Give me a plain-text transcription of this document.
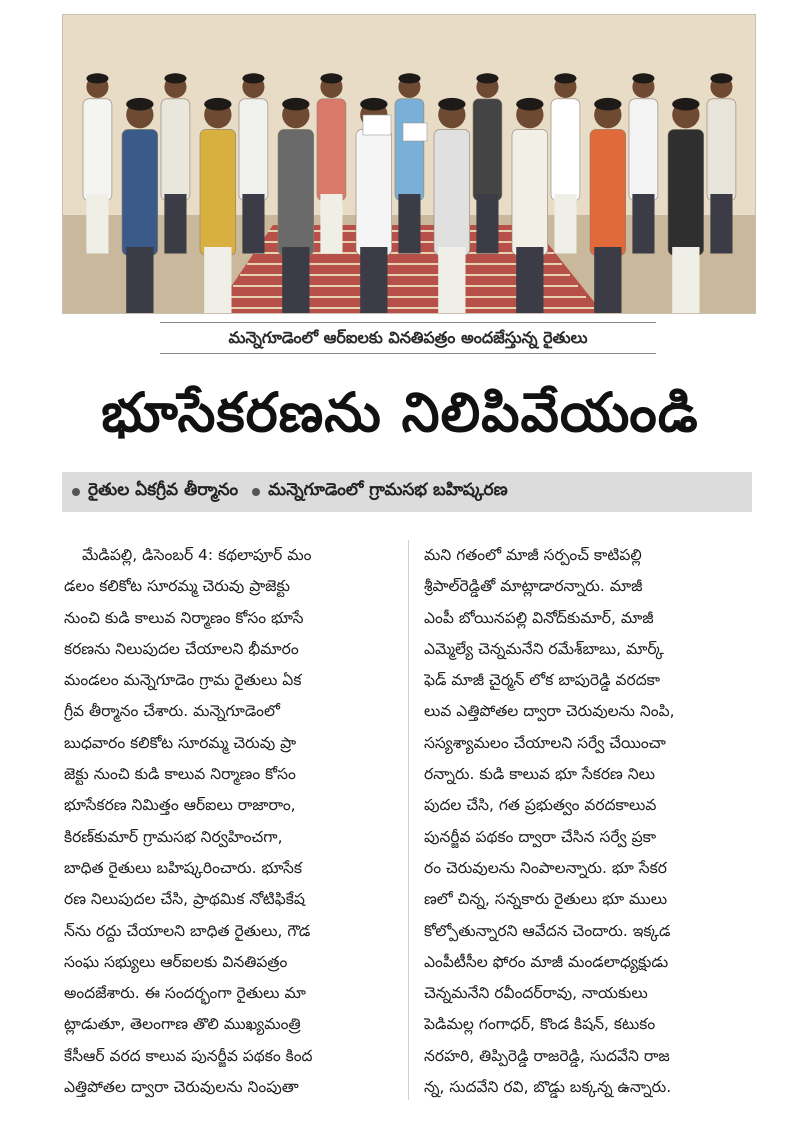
మన్నెగూడెంలో ఆర్ఐలకు వినతిపత్రం అందజేస్తున్న రైతులు
భూసేకరణను నిలిపివేయండి
రైతుల ఏకగ్రీవ తీర్మానం మన్నెగూడెంలో గ్రామసభ బహిష్కరణ
మేడిపల్లి, డిసెంబర్ 4: కథలాపూర్ మం
డలం కలికోట సూరమ్మ చెరువు ప్రాజెక్టు
నుంచి కుడి కాలువ నిర్మాణం కోసం భూసే
కరణను నిలుపుదల చేయాలని భీమారం
మండలం మన్నెగూడెం గ్రామ రైతులు ఏక
గ్రీవ తీర్మానం చేశారు. మన్నెగూడెంలో
బుధవారం కలికోట సూరమ్మ చెరువు ప్రా
జెక్టు నుంచి కుడి కాలువ నిర్మాణం కోసం
భూసేకరణ నిమిత్తం ఆర్ఐలు రాజారాం,
కిరణ్‌కుమార్ గ్రామసభ నిర్వహించగా,
బాధిత రైతులు బహిష్కరించారు. భూసేక
రణ నిలుపుదల చేసి, ప్రాథమిక నోటిఫికేష
న్‌ను రద్దు చేయాలని బాధిత రైతులు, గౌడ
సంఘ సభ్యులు ఆర్ఐలకు వినతిపత్రం
అందజేశారు. ఈ సందర్భంగా రైతులు మా
ట్లాడుతూ, తెలంగాణ తొలి ముఖ్యమంత్రి
కేసీఆర్ వరద కాలువ పునర్జీవ పథకం కింద
ఎత్తిపోతల ద్వారా చెరువులను నింపుతా
మని గతంలో మాజీ సర్పంచ్ కాటిపల్లి
శ్రీపాల్‌రెడ్డితో మాట్లాడారన్నారు. మాజీ
ఎంపీ బోయినపల్లి వినోద్‌కుమార్, మాజీ
ఎమ్మెల్యే చెన్నమనేని రమేశ్‌బాబు, మార్క్
ఫెడ్ మాజీ చైర్మన్ లోక బాపురెడ్డి వరదకా
లువ ఎత్తిపోతల ద్వారా చెరువులను నింపి,
సస్యశ్యామలం చేయాలని సర్వే చేయించా
రన్నారు. కుడి కాలువ భూ సేకరణ నిలు
పుదల చేసి, గత ప్రభుత్వం వరదకాలువ
పునర్జీవ పథకం ద్వారా చేసిన సర్వే ప్రకా
రం చెరువులను నింపాలన్నారు. భూ సేకర
ణలో చిన్న, సన్నకారు రైతులు భూ ములు
కోల్పోతున్నారని ఆవేదన చెందారు. ఇక్కడ
ఎంపీటీసీల ఫోరం మాజీ మండలాధ్యక్షుడు
చెన్నమనేని రవీందర్‌రావు, నాయకులు
పెడిమల్ల గంగాధర్, కొండ కిషన్, కటుకం
నరహరి, తిప్పిరెడ్డి రాజరెడ్డి, సుదవేని రాజ
న్న, సుదవేని రవి, బొడ్డు బక్కన్న ఉన్నారు.
